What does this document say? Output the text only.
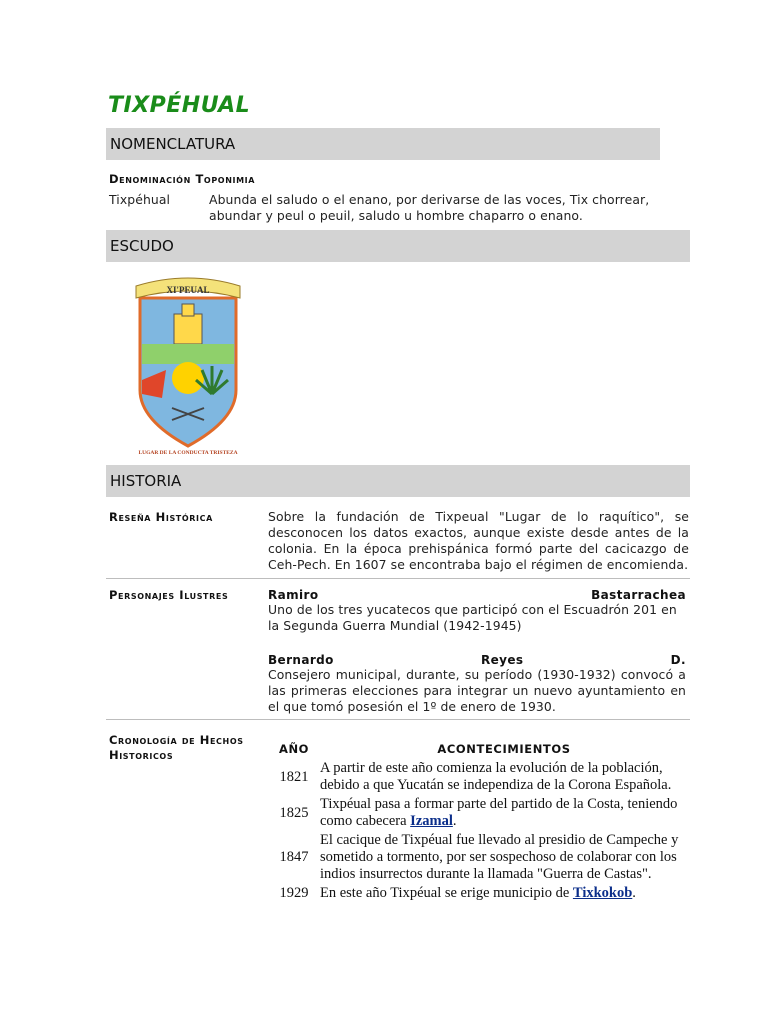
TIXPÉHUAL
NOMENCLATURA
Denominación Toponimia
Tixpéhual	Abunda el saludo o el enano, por derivarse de las voces, Tix chorrear, abundar y peul o peuil, saludo u hombre chaparro o enano.
ESCUDO
XI'PEUAL
LUGAR DE LA CONDUCTA TRISTEZA
HISTORIA
Reseña Histórica	Sobre la fundación de Tixpeual "Lugar de lo raquítico", se desconocen los datos exactos, aunque existe desde antes de la colonia. En la época prehispánica formó parte del cacicazgo de Ceh-Pech. En 1607 se encontraba bajo el régimen de encomienda.
Personajes Ilustres	Ramiro	Bastarrachea
Uno de los tres yucatecos que participó con el Escuadrón 201 en la Segunda Guerra Mundial (1942-1945)
Bernardo	Reyes	D.
Consejero municipal, durante, su período (1930-1932) convocó a las primeras elecciones para integrar un nuevo ayuntamiento en el que tomó posesión el 1º de enero de 1930.
Cronología de Hechos
Historicos	AÑO	ACONTECIMIENTOS
1821	A partir de este año comienza la evolución de la población, debido a que Yucatán se independiza de la Corona Española.
1825	Tixpéual pasa a formar parte del partido de la Costa, teniendo como cabecera Izamal.
1847	El cacique de Tixpéual fue llevado al presidio de Campeche y sometido a tormento, por ser sospechoso de colaborar con los indios insurrectos durante la llamada "Guerra de Castas".
1929	En este año Tixpéual se erige municipio de Tixkokob.
